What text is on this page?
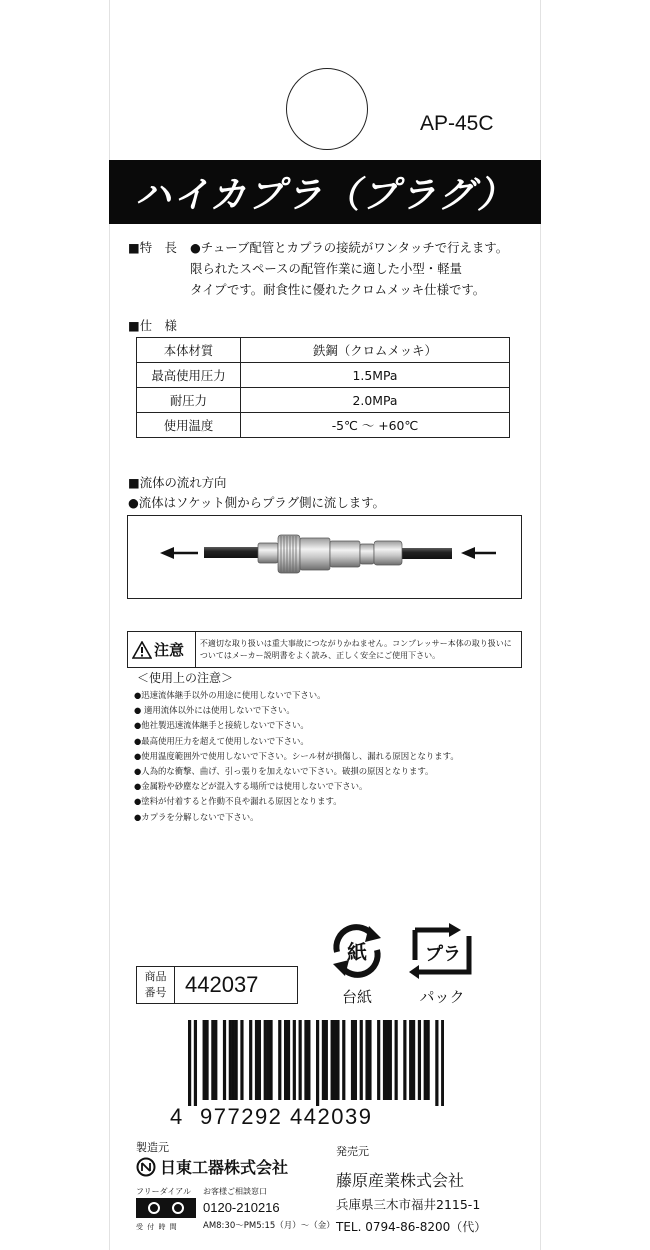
AP-45C
ハイカプラ（プラグ）
■特　長 ●チューブ配管とカプラの接続がワンタッチで行えます。
限られたスペースの配管作業に適した小型・軽量
タイプです。耐食性に優れたクロムメッキ仕様です。
■仕　様
本体材質	鉄鋼（クロムメッキ）
最高使用圧力	1.5MPa
耐圧力	2.0MPa
使用温度	-5℃ 〜 +60℃
■流体の流れ方向
●流体はソケット側からプラグ側に流します。
注意	不適切な取り扱いは重大事故につながりかねません。コンプレッサー本体の取り扱いについてはメーカー説明書をよく読み、正しく安全にご使用下さい。
＜使用上の注意＞
●迅速流体継手以外の用途に使用しないで下さい。
● 適用流体以外には使用しないで下さい。
●他社製迅速流体継手と接続しないで下さい。
●最高使用圧力を超えて使用しないで下さい。
●使用温度範囲外で使用しないで下さい。シール材が損傷し、漏れる原因となります。
●人為的な衝撃、曲げ、引っ張りを加えないで下さい。破損の原因となります。
●金属粉や砂塵などが混入する場所では使用しないで下さい。
●塗料が付着すると作動不良や漏れる原因となります。
●カプラを分解しないで下さい。
紙
台紙
プラ
パック
商品
番号 442037
4 977292 442039
製造元
日東工器株式会社
フリーダイアル お客様ご相談窓口
0120-210216
受 付 時 間	AM8:30〜PM5:15（月）〜（金）
発売元
藤原産業株式会社
兵庫県三木市福井2115-1
TEL. 0794-86-8200（代）
